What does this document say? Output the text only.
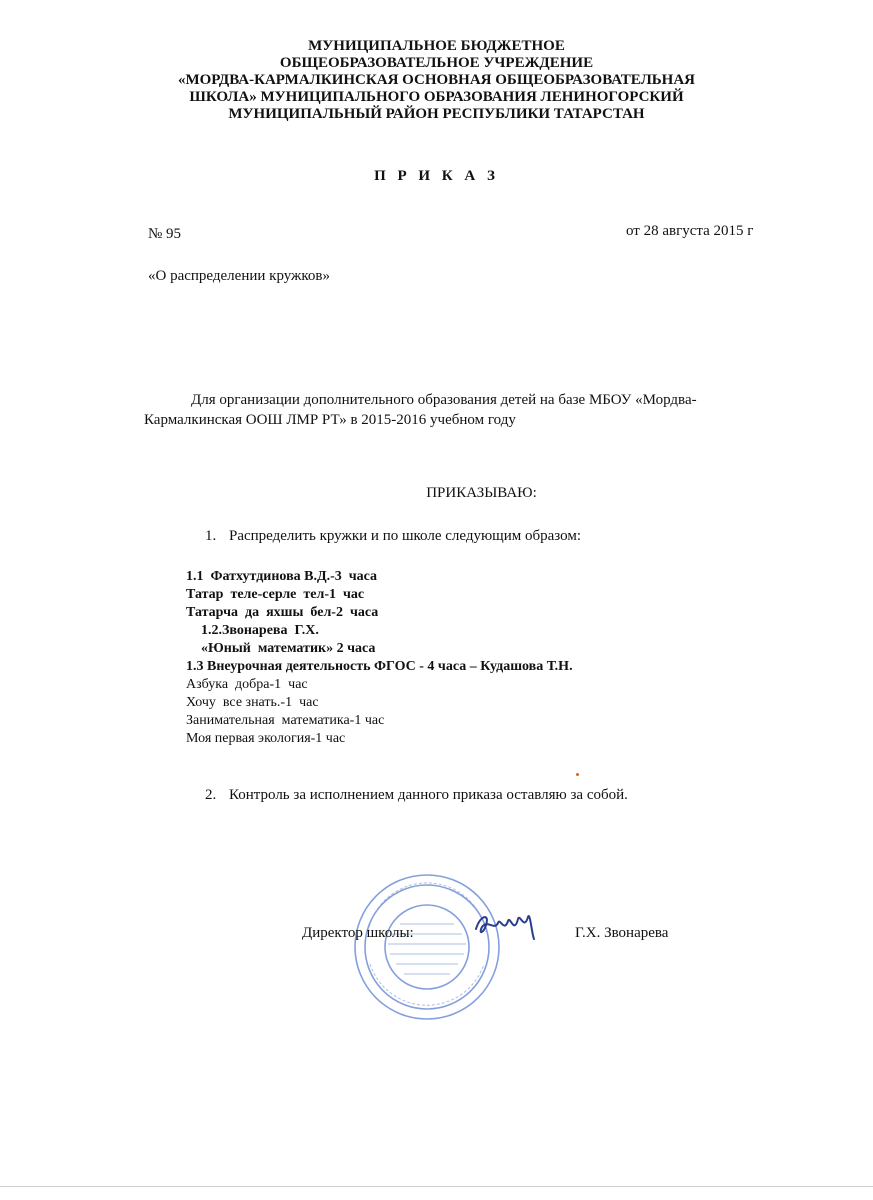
МУНИЦИПАЛЬНОЕ БЮДЖЕТНОЕ
ОБЩЕОБРАЗОВАТЕЛЬНОЕ УЧРЕЖДЕНИЕ
«МОРДВА-КАРМАЛКИНСКАЯ ОСНОВНАЯ ОБЩЕОБРАЗОВАТЕЛЬНАЯ
ШКОЛА» МУНИЦИПАЛЬНОГО ОБРАЗОВАНИЯ ЛЕНИНОГОРСКИЙ
МУНИЦИПАЛЬНЫЙ РАЙОН РЕСПУБЛИКИ ТАТАРСТАН
П Р И К А З
№ 95	от 28 августа 2015 г
«О распределении кружков»
Для организации дополнительного образования детей на базе МБОУ «Мордва-
Кармалкинская ООШ ЛМР РТ» в 2015-2016 учебном году
ПРИКАЗЫВАЮ:
1. Распределить кружки и по школе следующим образом:
1.1  Фатхутдинова В.Д.-3  часа
Татар  теле-серле  тел-1  час
Татарча  да  яхшы  бел-2  часа
1.2.Звонарева  Г.Х.
«Юный  математик» 2 часа
1.3 Внеурочная деятельность ФГОС - 4 часа – Кудашова Т.Н.
Азбука  добра-1  час
Хочу  все знать.-1  час
Занимательная  математика-1 час
Моя первая экология-1 час
2. Контроль за исполнением данного приказа оставляю за собой.
Директор школы:	Г.Х. Звонарева
